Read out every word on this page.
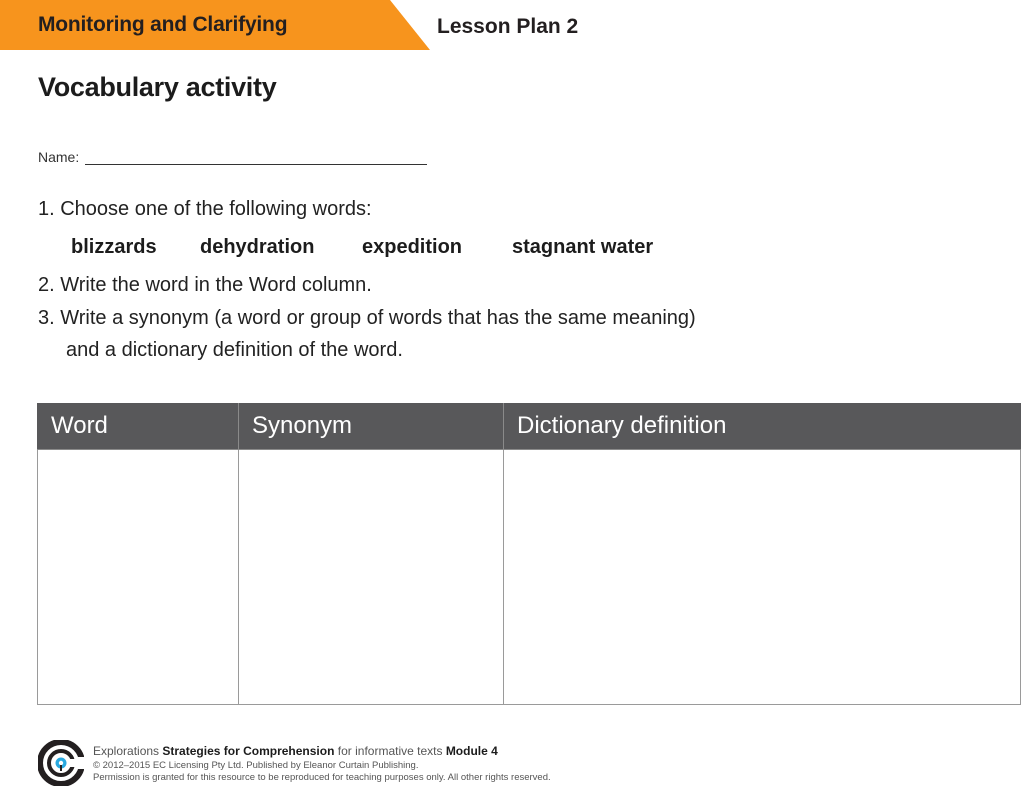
Monitoring and Clarifying	Lesson Plan 2
Vocabulary activity
Name:
1. Choose one of the following words:
blizzards	dehydration	expedition	stagnant water
2. Write the word in the Word column.
3. Write a synonym (a word or group of words that has the same meaning)
and a dictionary definition of the word.
Word	Synonym	Dictionary definition

Explorations Strategies for Comprehension for informative texts Module 4
© 2012–2015 EC Licensing Pty Ltd. Published by Eleanor Curtain Publishing.
Permission is granted for this resource to be reproduced for teaching purposes only. All other rights reserved.
